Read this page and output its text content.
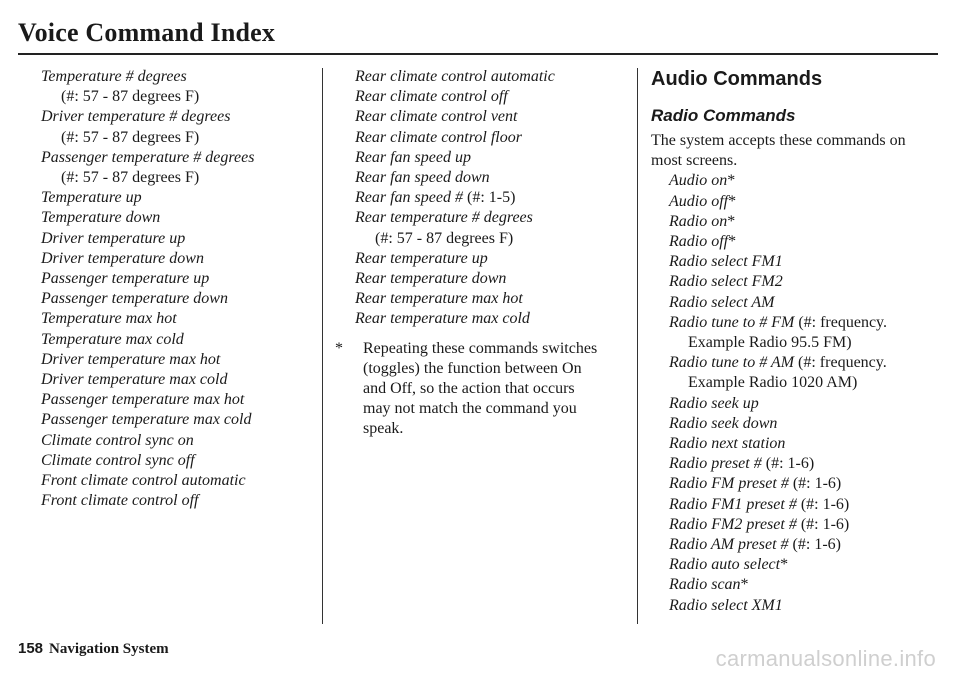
Voice Command Index
Temperature # degrees
(#: 57 - 87 degrees F)
Driver temperature # degrees
(#: 57 - 87 degrees F)
Passenger temperature # degrees
(#: 57 - 87 degrees F)
Temperature up
Temperature down
Driver temperature up
Driver temperature down
Passenger temperature up
Passenger temperature down
Temperature max hot
Temperature max cold
Driver temperature max hot
Driver temperature max cold
Passenger temperature max hot
Passenger temperature max cold
Climate control sync on
Climate control sync off
Front climate control automatic
Front climate control off
Rear climate control automatic
Rear climate control off
Rear climate control vent
Rear climate control floor
Rear fan speed up
Rear fan speed down
Rear fan speed # (#: 1-5)
Rear temperature # degrees
(#: 57 - 87 degrees F)
Rear temperature up
Rear temperature down
Rear temperature max hot
Rear temperature max cold
* Repeating these commands switches
(toggles) the function between On
and Off, so the action that occurs
may not match the command you
speak.
Audio Commands
Radio Commands
The system accepts these commands on
most screens.
Audio on*
Audio off*
Radio on*
Radio off*
Radio select FM1
Radio select FM2
Radio select AM
Radio tune to # FM (#: frequency.
Example Radio 95.5 FM)
Radio tune to # AM (#: frequency.
Example Radio 1020 AM)
Radio seek up
Radio seek down
Radio next station
Radio preset # (#: 1-6)
Radio FM preset # (#: 1-6)
Radio FM1 preset # (#: 1-6)
Radio FM2 preset # (#: 1-6)
Radio AM preset # (#: 1-6)
Radio auto select*
Radio scan*
Radio select XM1
158 Navigation System	carmanualsonline.info
